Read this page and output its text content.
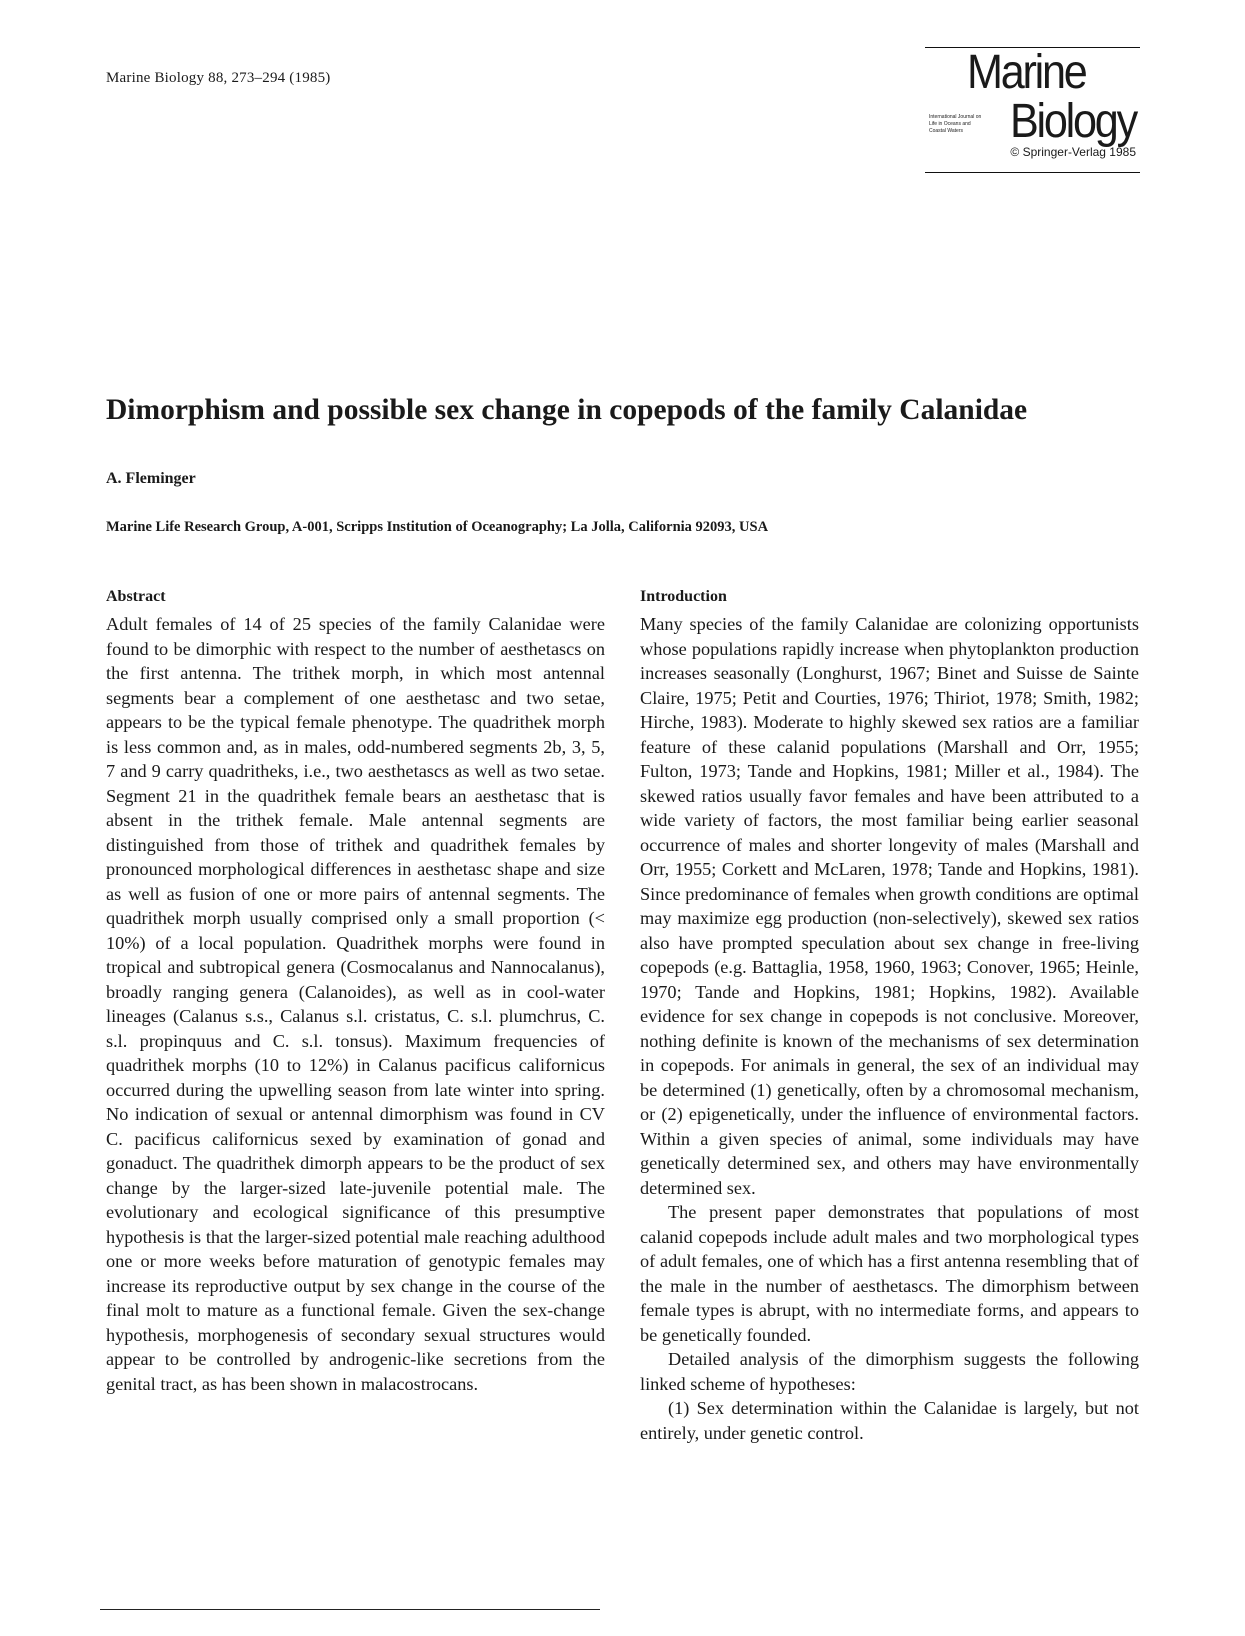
Marine Biology 88, 273–294 (1985)	Marine
International Journal on Life in Oceans and Coastal Waters Biology
© Springer-Verlag 1985
Dimorphism and possible sex change in copepods of the family Calanidae
A. Fleminger
Marine Life Research Group, A-001, Scripps Institution of Oceanography; La Jolla, California 92093, USA
Abstract

Adult females of 14 of 25 species of the family Calanidae were found to be dimorphic with respect to the number of aesthetascs on the first antenna. The trithek morph, in which most antennal segments bear a complement of one aesthetasc and two setae, appears to be the typical female phenotype. The quadrithek morph is less common and, as in males, odd-numbered segments 2b, 3, 5, 7 and 9 carry quadritheks, i.e., two aesthetascs as well as two setae. Segment 21 in the quadrithek female bears an aesthetasc that is absent in the trithek female. Male antennal segments are distinguished from those of trithek and quadrithek females by pronounced morphological differences in aesthetasc shape and size as well as fusion of one or more pairs of antennal segments. The quadrithek morph usually comprised only a small proportion (< 10%) of a local population. Quadrithek morphs were found in tropical and subtropical genera (Cosmocalanus and Nannocalanus), broadly ranging genera (Calanoides), as well as in cool-water lineages (Calanus s.s., Calanus s.l. cristatus, C. s.l. plumchrus, C. s.l. propinquus and C. s.l. tonsus). Maximum frequencies of quadrithek morphs (10 to 12%) in Calanus pacificus californicus occurred during the upwelling season from late winter into spring. No indication of sexual or antennal dimorphism was found in CV C. pacificus californicus sexed by examination of gonad and gonaduct. The quadrithek dimorph appears to be the product of sex change by the larger-sized late-juvenile potential male. The evolutionary and ecological significance of this presumptive hypothesis is that the larger-sized potential male reaching adulthood one or more weeks before maturation of genotypic females may increase its reproductive output by sex change in the course of the final molt to mature as a functional female. Given the sex-change hypothesis, morphogenesis of secondary sexual structures would appear to be controlled by androgenic-like secretions from the genital tract, as has been shown in malacostrocans.

Introduction

Many species of the family Calanidae are colonizing opportunists whose populations rapidly increase when phytoplankton production increases seasonally (Longhurst, 1967; Binet and Suisse de Sainte Claire, 1975; Petit and Courties, 1976; Thiriot, 1978; Smith, 1982; Hirche, 1983). Moderate to highly skewed sex ratios are a familiar feature of these calanid populations (Marshall and Orr, 1955; Fulton, 1973; Tande and Hopkins, 1981; Miller et al., 1984). The skewed ratios usually favor females and have been attributed to a wide variety of factors, the most familiar being earlier seasonal occurrence of males and shorter longevity of males (Marshall and Orr, 1955; Corkett and McLaren, 1978; Tande and Hopkins, 1981). Since predominance of females when growth conditions are optimal may maximize egg production (non-selectively), skewed sex ratios also have prompted speculation about sex change in free-living copepods (e.g. Battaglia, 1958, 1960, 1963; Conover, 1965; Heinle, 1970; Tande and Hopkins, 1981; Hopkins, 1982). Available evidence for sex change in copepods is not conclusive. Moreover, nothing definite is known of the mechanisms of sex determination in copepods. For animals in general, the sex of an individual may be determined (1) genetically, often by a chromosomal mechanism, or (2) epigenetically, under the influence of environmental factors. Within a given species of animal, some individuals may have genetically determined sex, and others may have environmentally determined sex.

The present paper demonstrates that populations of most calanid copepods include adult males and two morphological types of adult females, one of which has a first antenna resembling that of the male in the number of aesthetascs. The dimorphism between female types is abrupt, with no intermediate forms, and appears to be genetically founded.

Detailed analysis of the dimorphism suggests the following linked scheme of hypotheses:

(1) Sex determination within the Calanidae is largely, but not entirely, under genetic control.
